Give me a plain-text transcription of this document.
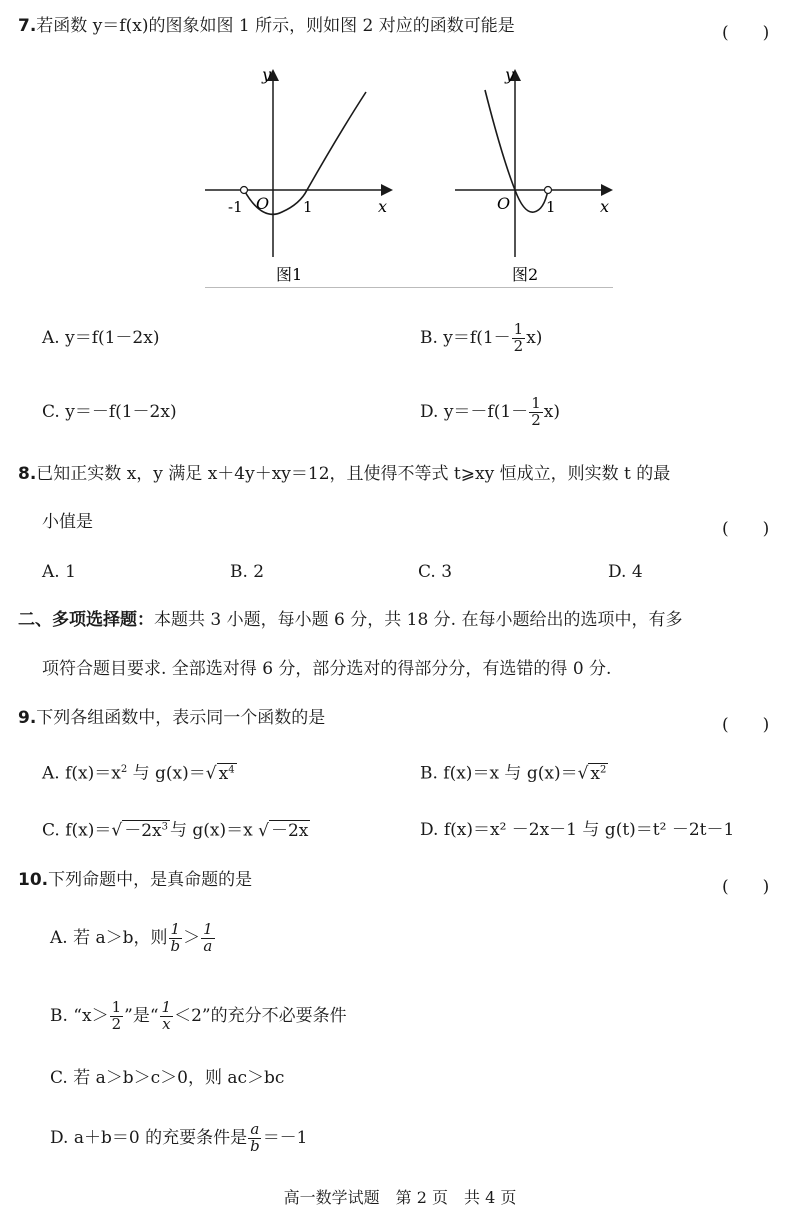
7.若函数 y＝f(x)的图象如图 1 所示，则如图 2 对应的函数可能是	(　　)
y
x
O
-1	1
图1
y
x
O 1
图2
A. y＝f(1－2x)	B. $y=f(1- \frac{1}{2} x)$
C. y＝－f(1－2x)	D. $y=-f(1- \frac{1}{2} x)$
8.已知正实数 x，y 满足 x＋4y＋xy＝12，且使得不等式 t⩾xy 恒成立，则实数 t 的最
小值是	(　　)
A. 1	B. 2	C. 3	D. 4
二、多项选择题：本题共 3 小题，每小题 6 分，共 18 分. 在每小题给出的选项中，有多
项符合题目要求. 全部选对得 6 分，部分选对的得部分分，有选错的得 0 分.
9.下列各组函数中，表示同一个函数的是	(　　)
A. $f(x)=x^2$ 与 g(x)＝√ $x^4$	B. f(x)＝x 与 g(x)＝√ $x^2$
C. $f(x)=√ -2x^3$ 与 g(x)＝x √ －2x	D. f(x)＝x² －2x－1 与 g(t)＝t² －2t－1
10.下列命题中，是真命题的是	(　　)
A. 若 a＞b，则 $\frac{1}{b} > \frac{1}{a}$
B. “$x> \frac{1}{2}$ ”是“ $\frac{1}{x} <2$”的充分不必要条件
C. 若 a＞b＞c＞0，则 ac＞bc
D. a＋b＝0 的充要条件是 $\frac{a}{b} =-1$
高一数学试题　第 2 页　共 4 页
